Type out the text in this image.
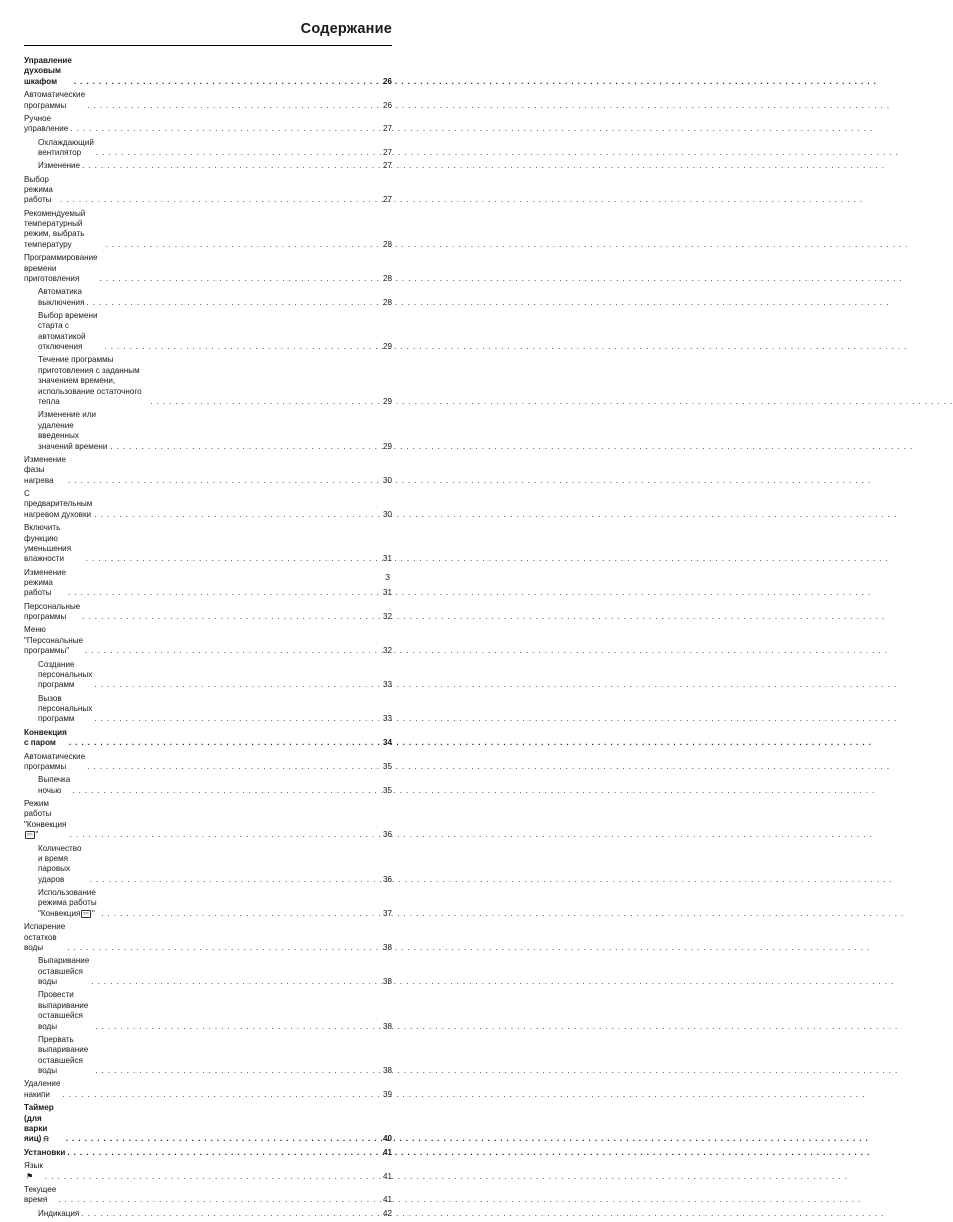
Содержание
Управление духовым шкафом . . .	26
Автоматические программы . . .	26
Ручное управление . . .	27
Охлаждающий вентилятор . . .	27
Изменение . . .	27
Выбор режима работы . . .	27
Рекомендуемый температурный режим, выбрать температуру . . .	28
Программирование времени приготовления . . .	28
Автоматика выключения . . .	28
Выбор времени старта с автоматикой отключения . . .	29
Течение программы приготовления с заданным значением времени, использование остаточного тепла . . .	29
Изменение или удаление введенных значений времени . . .	29
Изменение фазы нагрева . . .	30
С предварительным нагревом духовки . . .	30
Включить функцию уменьшения влажности . . .	31
Изменение режима работы . . .	31
Персональные программы . . .	32
Меню "Персональные программы" . . .	32
Создание персональных программ . . .	33
Вызов персональных программ . . .	33
Конвекция с паром . . .	34
Автоматические программы . . .	35
Выпечка ночью . . .	35
Режим работы "Конвекция≈≈ " . . .	36
Количество и время паровых ударов . . .	36
Использование режима работы "Конвекция ≈≈ " . . .	37
Испарение остатков воды . . .	38
Выпаривание оставшейся воды . . .	38
Провести выпаривание оставшейся воды . . .	38
Прервать выпаривание оставшейся воды . . .	38
Удаление накипи . . .	39
Таймер (для варки яиц) ⍾ . . .	40
Установки . . .	41
Язык⚑ . . .	41
Текущее время . . .	41
Индикация . . .	42
3
